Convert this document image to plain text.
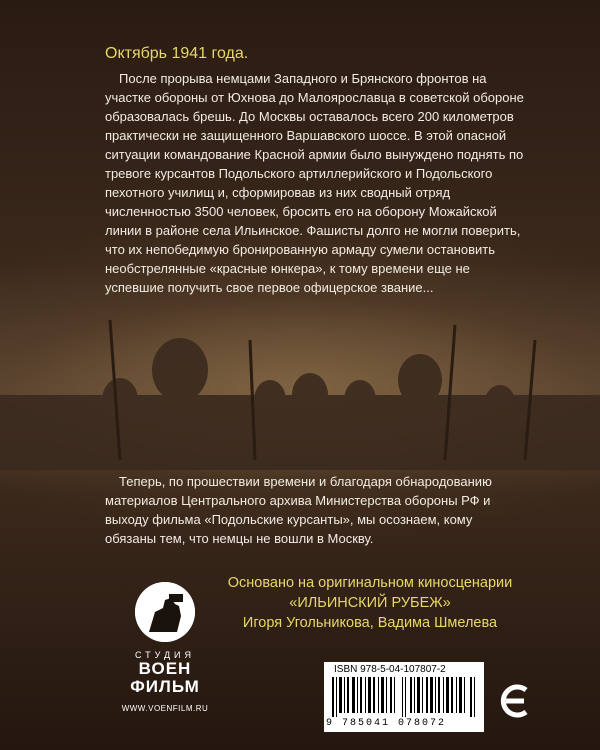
Октябрь 1941 года.

После прорыва немцами Западного и Брянского фронтов на участке обороны от Юхнова до Малоярославца в советской обороне образовалась брешь. До Москвы оставалось всего 200 километров практически не защищенного Варшавского шоссе. В этой опасной ситуации командование Красной армии было вынуждено поднять по тревоге курсантов Подольского артиллерийского и Подольского пехотного училищ и, сформировав из них сводный отряд численностью 3500 человек, бросить его на оборону Можайской линии в районе села Ильинское. Фашисты долго не могли поверить, что их непобедимую бронированную армаду сумели остановить необстрелянные «красные юнкера», к тому времени еще не успевшие получить свое первое офицерское звание...

Теперь, по прошествии времени и благодаря обнародованию материалов Центрального архива Министерства обороны РФ и выходу фильма «Подольские курсанты», мы осознаем, кому обязаны тем, что немцы не вошли в Москву.

Основано на оригинальном киносценарии
«ИЛЬИНСКИЙ РУБЕЖ»
Игоря Угольникова, Вадима Шмелева
СТУДИЯ
ВОЕН
ФИЛЬМ
WWW.VOENFILM.RU
ISBN 978-5-04-107807-2
9 785041 078072
